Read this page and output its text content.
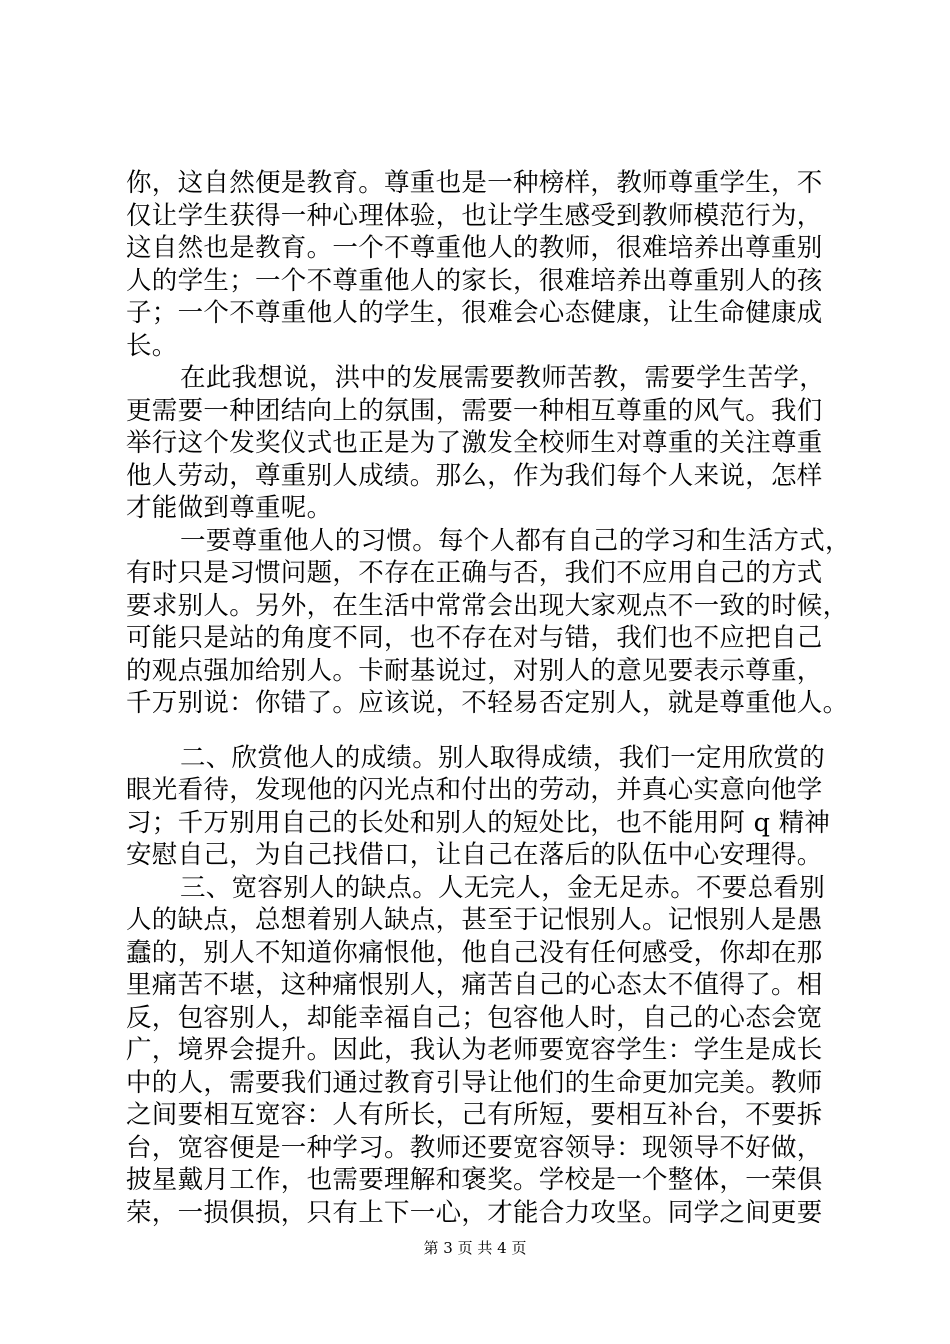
你，这自然便是教育。尊重也是一种榜样，教师尊重学生，不
仅让学生获得一种心理体验，也让学生感受到教师模范行为，
这自然也是教育。一个不尊重他人的教师，很难培养出尊重别
人的学生；一个不尊重他人的家长，很难培养出尊重别人的孩
子；一个不尊重他人的学生，很难会心态健康，让生命健康成
长。
在此我想说，洪中的发展需要教师苦教，需要学生苦学，
更需要一种团结向上的氛围，需要一种相互尊重的风气。我们
举行这个发奖仪式也正是为了激发全校师生对尊重的关注尊重
他人劳动，尊重别人成绩。那么，作为我们每个人来说，怎样
才能做到尊重呢。
一要尊重他人的习惯。每个人都有自己的学习和生活方式，
有时只是习惯问题，不存在正确与否，我们不应用自己的方式
要求别人。另外，在生活中常常会出现大家观点不一致的时候，
可能只是站的角度不同，也不存在对与错，我们也不应把自己
的观点强加给别人。卡耐基说过，对别人的意见要表示尊重，
千万别说：你错了。应该说，不轻易否定别人，就是尊重他人。
二、欣赏他人的成绩。别人取得成绩，我们一定用欣赏的
眼光看待，发现他的闪光点和付出的劳动，并真心实意向他学
习；千万别用自己的长处和别人的短处比，也不能用阿 q 精神
安慰自己，为自己找借口，让自己在落后的队伍中心安理得。
三、宽容别人的缺点。人无完人，金无足赤。不要总看别
人的缺点，总想着别人缺点，甚至于记恨别人。记恨别人是愚
蠢的，别人不知道你痛恨他，他自己没有任何感受，你却在那
里痛苦不堪，这种痛恨别人，痛苦自己的心态太不值得了。相
反，包容别人，却能幸福自己；包容他人时，自己的心态会宽
广，境界会提升。因此，我认为老师要宽容学生：学生是成长
中的人，需要我们通过教育引导让他们的生命更加完美。教师
之间要相互宽容：人有所长，己有所短，要相互补台，不要拆
台，宽容便是一种学习。教师还要宽容领导：现领导不好做，
披星戴月工作，也需要理解和褒奖。学校是一个整体，一荣俱
荣，一损俱损，只有上下一心，才能合力攻坚。同学之间更要
第 3 页 共 4 页
